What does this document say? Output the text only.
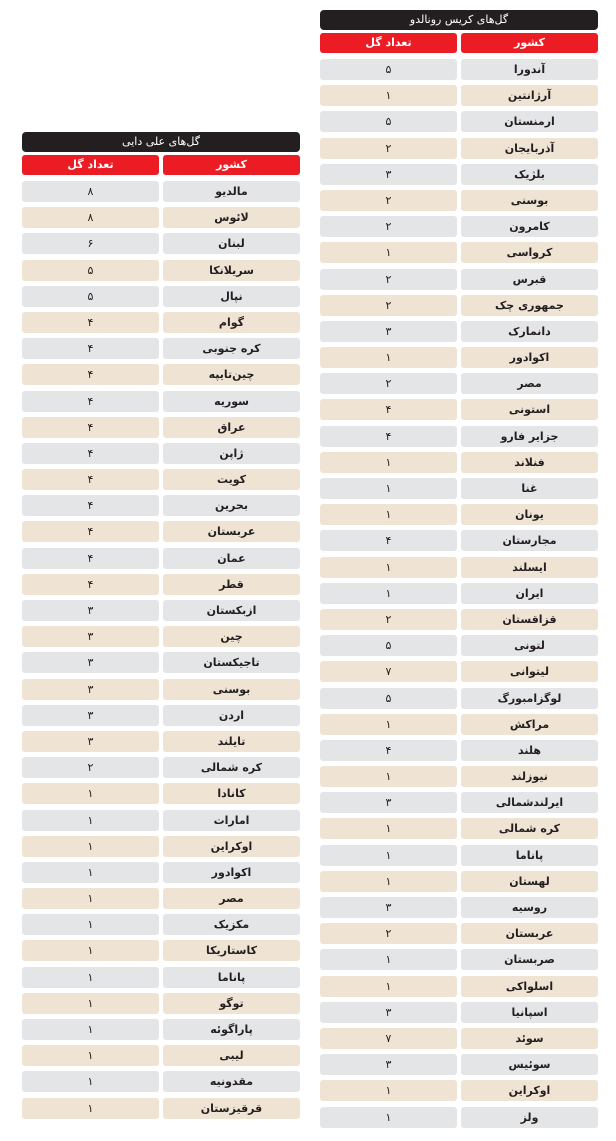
گل‌های علی دایی
تعداد گل	کشور
۸	مالدیو
۸	لائوس
۶	لبنان
۵	سریلانکا
۵	نپال
۴	گوام
۴	کره جنوبی
۴	چین‌تایپه
۴	سوریه
۴	عراق
۴	ژاپن
۴	کویت
۴	بحرین
۴	عربستان
۴	عمان
۴	قطر
۳	ازبکستان
۳	چین
۳	تاجیکستان
۳	بوسنی
۳	اردن
۳	تایلند
۲	کره شمالی
۱	کانادا
۱	امارات
۱	اوکراین
۱	اکوادور
۱	مصر
۱	مکزیک
۱	کاستاریکا
۱	پاناما
۱	توگو
۱	پاراگوئه
۱	لیبی
۱	مقدونیه
۱	قرقیزستان
گل‌های کریس رونالدو
تعداد گل	کشور
۵	آندورا
۱	آرژانتین
۵	ارمنستان
۲	آذربایجان
۳	بلژیک
۲	بوسنی
۲	کامرون
۱	کرواسی
۲	قبرس
۲	جمهوری چک
۳	دانمارک
۱	اکوادور
۲	مصر
۴	استونی
۴	جزایر فارو
۱	فنلاند
۱	غنا
۱	یونان
۴	مجارستان
۱	ایسلند
۱	ایران
۲	قزاقستان
۵	لتونی
۷	لیتوانی
۵	لوگزامبورگ
۱	مراکش
۴	هلند
۱	نیوزلند
۳	ایرلندشمالی
۱	کره شمالی
۱	پاناما
۱	لهستان
۳	روسیه
۲	عربستان
۱	صربستان
۱	اسلواکی
۳	اسپانیا
۷	سوئد
۳	سوئیس
۱	اوکراین
۱	ولز
